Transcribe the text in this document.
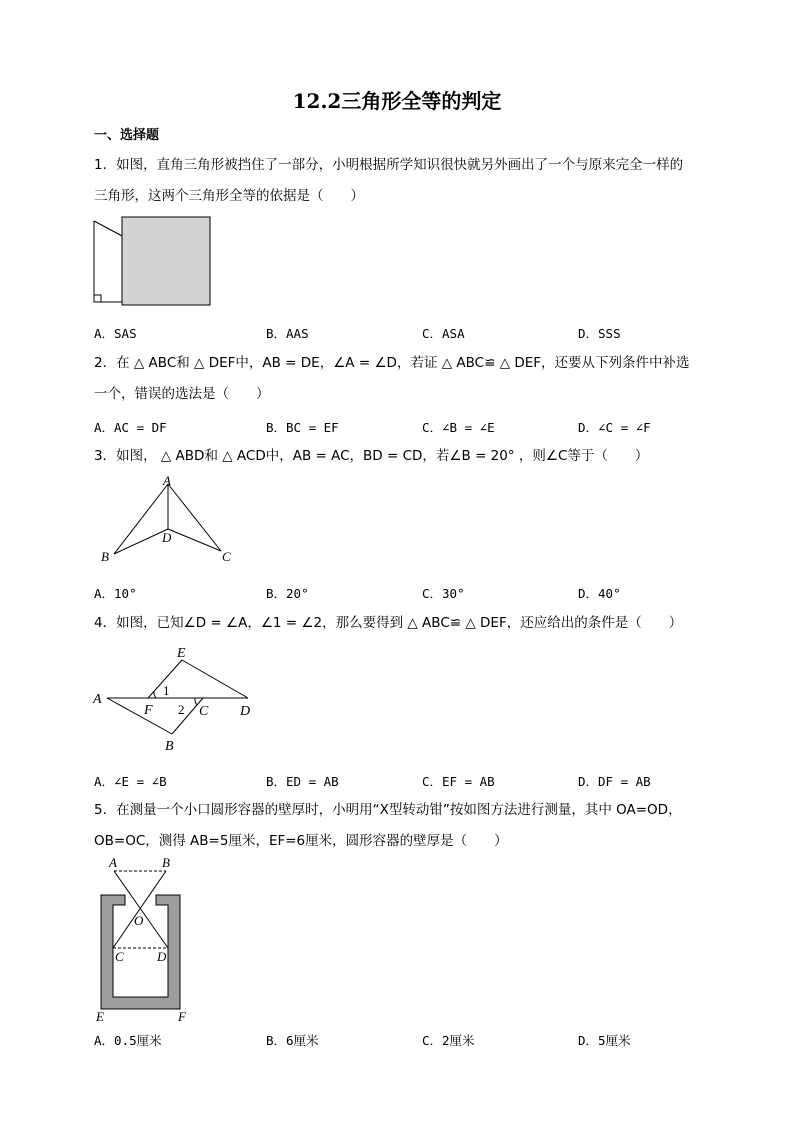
12.2三角形全等的判定
一、选择题
1．如图，直角三角形被挡住了一部分，小明根据所学知识很快就另外画出了一个与原来完全一样的
三角形，这两个三角形全等的依据是（　　）
A．SAS	B．AAS	C．ASA	D．SSS
2．在 △ ABC和 △ DEF中，AB = DE，∠A = ∠D，若证 △ ABC≌ △ DEF，还要从下列条件中补选
一个，错误的选法是（　　）
A．AC = DF	B．BC = EF	C．∠B = ∠E	D．∠C = ∠F
3．如图， △ ABD和 △ ACD中，AB = AC，BD = CD，若∠B = 20° ，则∠C等于（　　）
A
B	C
D
A．10°	B．20°	C．30°	D．40°
4．如图，已知∠D = ∠A，∠1 = ∠2，那么要得到 △ ABC≌ △ DEF，还应给出的条件是（　　）
E
A
F
1
2 C D
B
A．∠E = ∠B	B．ED = AB	C．EF = AB	D．DF = AB
5．在测量一个小口圆形容器的壁厚时，小明用“X型转动钳”按如图方法进行测量，其中 OA=OD，
OB=OC，测得 AB=5厘米，EF=6厘米，圆形容器的壁厚是（　　）
A	B
O
C	D
E	F
A．0.5厘米	B．6厘米	C．2厘米	D．5厘米
